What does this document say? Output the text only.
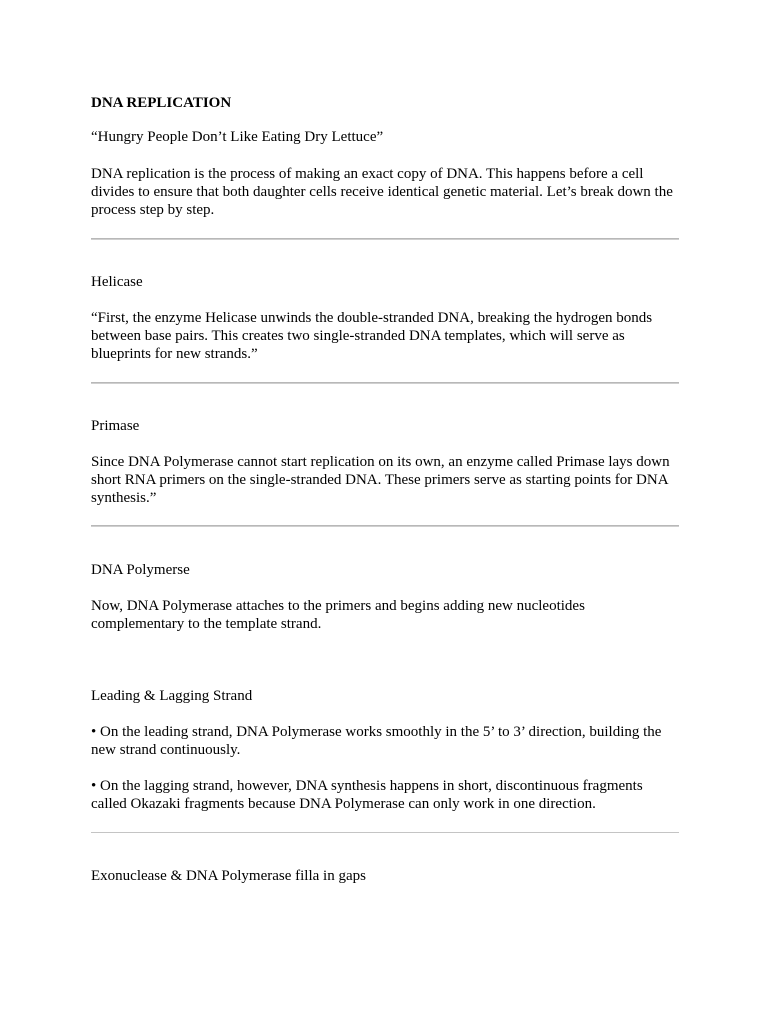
DNA REPLICATION

“Hungry People Don’t Like Eating Dry Lettuce”

DNA replication is the process of making an exact copy of DNA. This happens before a cell divides to ensure that both daughter cells receive identical genetic material. Let’s break down the process step by step.

Helicase

“First, the enzyme Helicase unwinds the double-stranded DNA, breaking the hydrogen bonds between base pairs. This creates two single-stranded DNA templates, which will serve as blueprints for new strands.”

Primase

Since DNA Polymerase cannot start replication on its own, an enzyme called Primase lays down short RNA primers on the single-stranded DNA. These primers serve as starting points for DNA synthesis.”

DNA Polymerse

Now, DNA Polymerase attaches to the primers and begins adding new nucleotides complementary to the template strand.

Leading & Lagging Strand

• On the leading strand, DNA Polymerase works smoothly in the 5’ to 3’ direction, building the new strand continuously.

• On the lagging strand, however, DNA synthesis happens in short, discontinuous fragments called Okazaki fragments because DNA Polymerase can only work in one direction.

Exonuclease & DNA Polymerase filla in gaps
